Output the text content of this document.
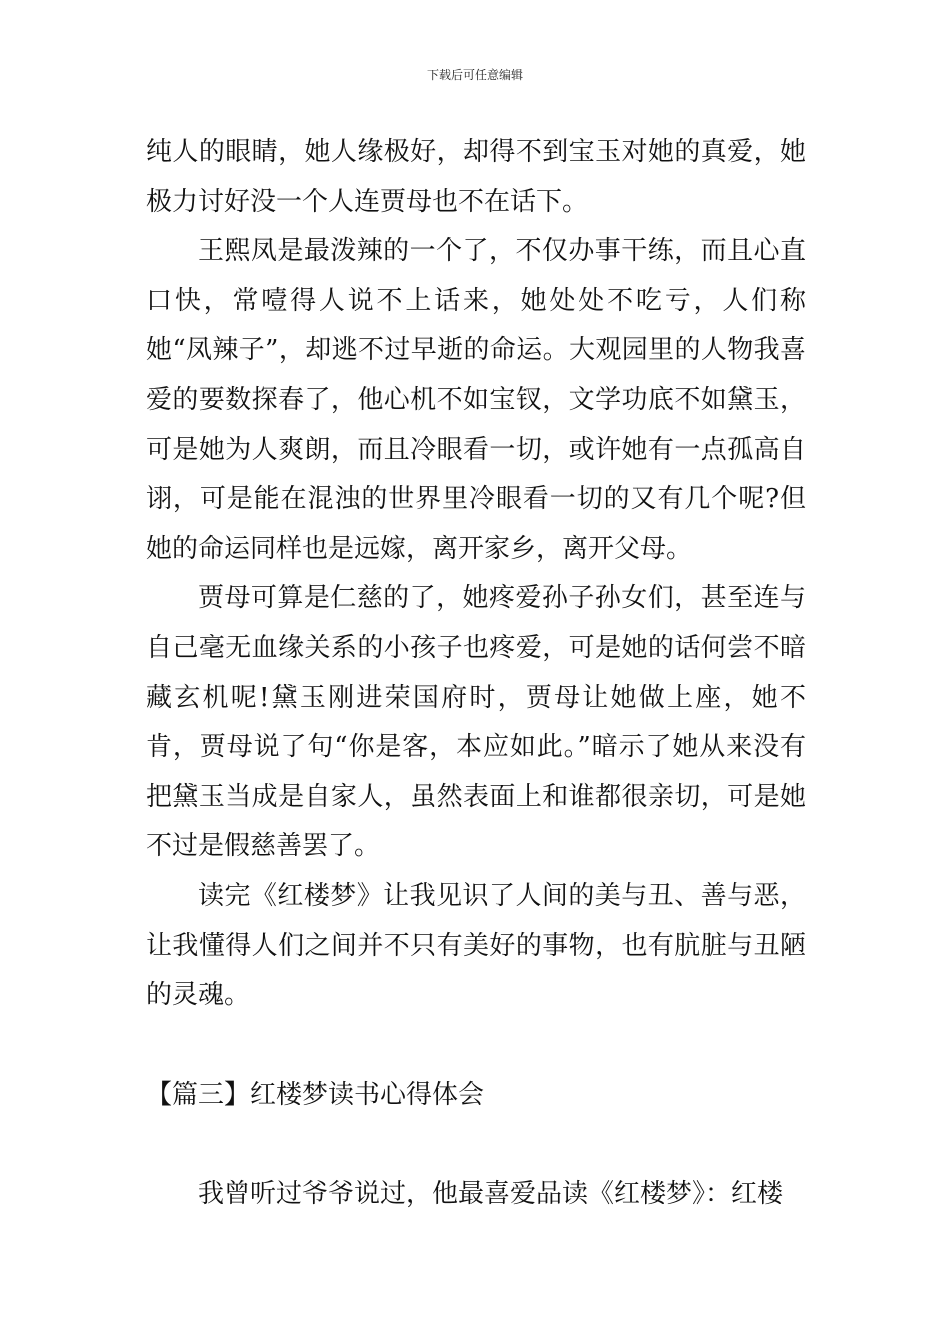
下载后可任意编辑

纯人的眼睛，她人缘极好，却得不到宝玉对她的真爱，她极力讨好没一个人连贾母也不在话下。

王熙凤是最泼辣的一个了，不仅办事干练，而且心直口快，常噎得人说不上话来，她处处不吃亏，人们称她“凤辣子”，却逃不过早逝的命运。大观园里的人物我喜爱的要数探春了，他心机不如宝钗，文学功底不如黛玉，可是她为人爽朗，而且冷眼看一切，或许她有一点孤高自诩，可是能在混浊的世界里冷眼看一切的又有几个呢?但她的命运同样也是远嫁，离开家乡，离开父母。

贾母可算是仁慈的了，她疼爱孙子孙女们，甚至连与自己毫无血缘关系的小孩子也疼爱，可是她的话何尝不暗藏玄机呢!黛玉刚进荣国府时，贾母让她做上座，她不肯，贾母说了句“你是客，本应如此。”暗示了她从来没有把黛玉当成是自家人，虽然表面上和谁都很亲切，可是她不过是假慈善罢了。

读完《红楼梦》让我见识了人间的美与丑、善与恶，让我懂得人们之间并不只有美好的事物，也有肮脏与丑陋的灵魂。

【篇三】红楼梦读书心得体会

我曾听过爷爷说过，他最喜爱品读《红楼梦》：红楼
